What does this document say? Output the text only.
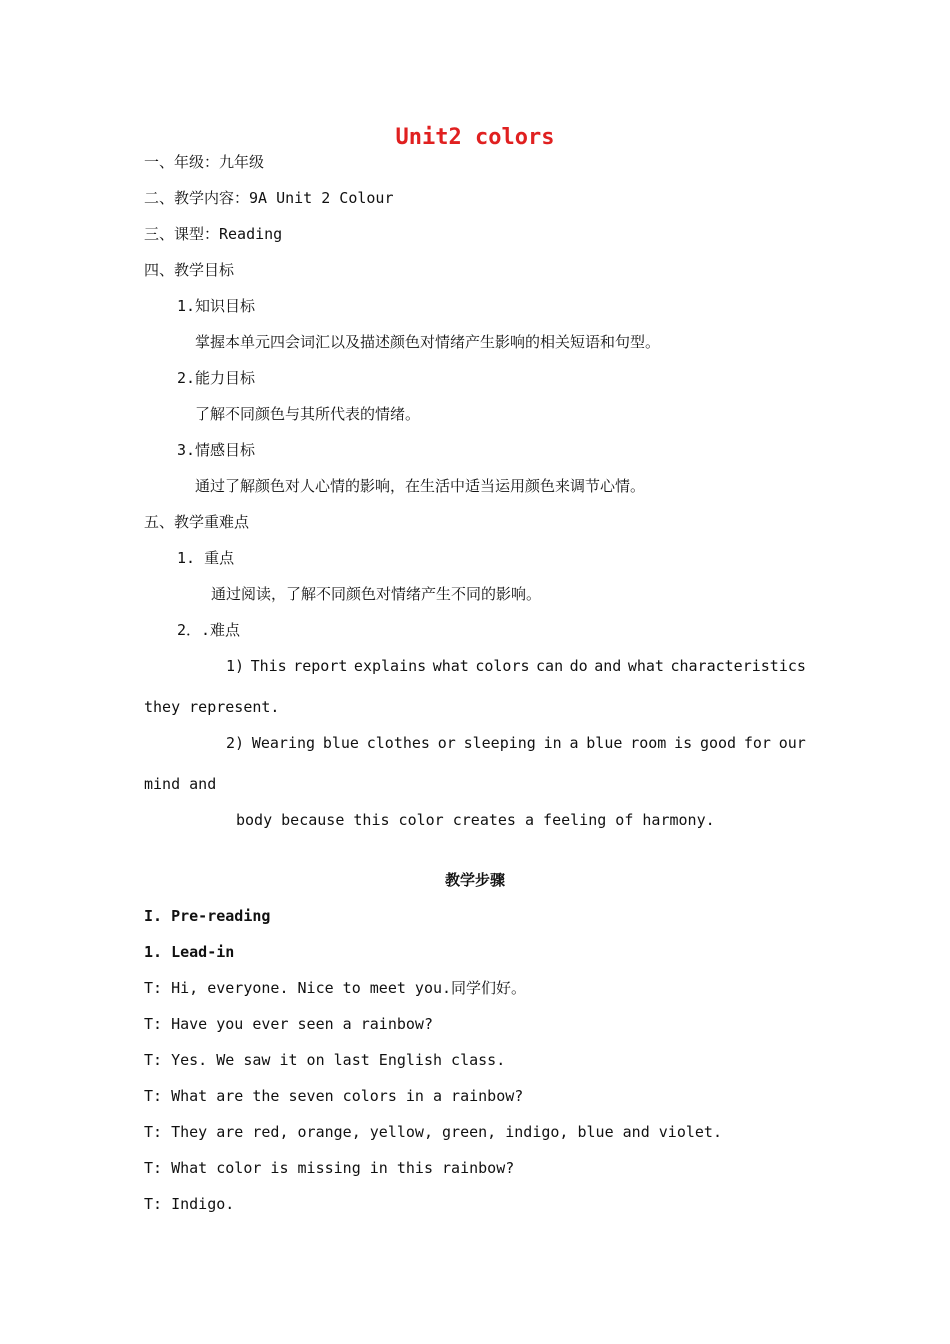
Unit2 colors
一、年级：九年级
二、教学内容：9A Unit 2 Colour
三、课型：Reading
四、教学目标
1.知识目标
掌握本单元四会词汇以及描述颜色对情绪产生影响的相关短语和句型。
2.能力目标
了解不同颜色与其所代表的情绪。
3.情感目标
通过了解颜色对人心情的影响，在生活中适当运用颜色来调节心情。
五、教学重难点
1. 重点
通过阅读，了解不同颜色对情绪产生不同的影响。
2．.难点
1) This report explains what colors can do and what characteristics
they represent.
2) Wearing blue clothes or sleeping in a blue room is good for our
mind and
body because this color creates a feeling of harmony.
教学步骤
I. Pre-reading
1. Lead-in
T: Hi, everyone. Nice to meet you.同学们好。
T: Have you ever seen a rainbow?
T: Yes. We saw it on last English class.
T: What are the seven colors in a rainbow?
T: They are red, orange, yellow, green, indigo, blue and violet.
T: What color is missing in this rainbow?
T: Indigo.
